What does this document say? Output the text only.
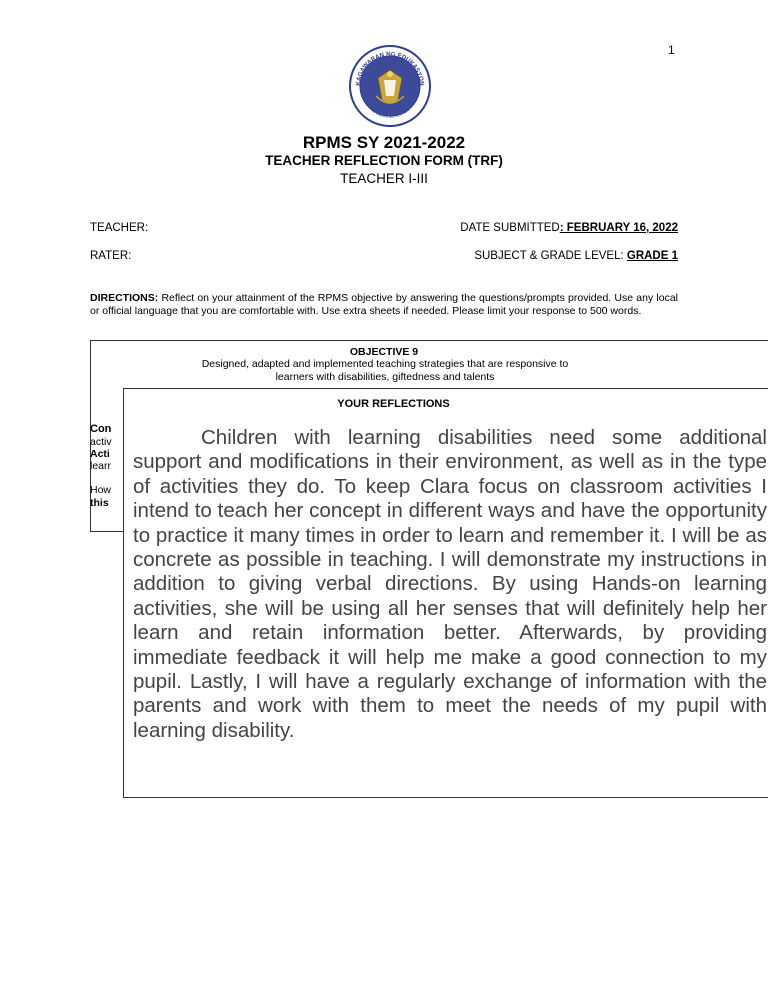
1
KAGAWARAN NG EDUKASYON
REPUBLIKA NG PILIPINAS
RPMS SY 2021-2022
TEACHER REFLECTION FORM (TRF)
TEACHER I-III
TEACHER:	DATE SUBMITTED: FEBRUARY 16, 2022
RATER:	SUBJECT & GRADE LEVEL: GRADE 1
DIRECTIONS: Reflect on your attainment of the RPMS objective by answering the questions/prompts provided. Use any local or official language that you are comfortable with. Use extra sheets if needed. Please limit your response to 500 words.
OBJECTIVE 9
Designed, adapted and implemented teaching strategies that are responsive to learners with disabilities, giftedness and talents
Con
activ
Acti
learr
How
this
YOUR REFLECTIONS
Children with learning disabilities need some additional support and modifications in their environment, as well as in the type of activities they do. To keep Clara focus on classroom activities I intend to teach her concept in different ways and have the opportunity to practice it many times in order to learn and remember it. I will be as concrete as possible in teaching. I will demonstrate my instructions in addition to giving verbal directions. By using Hands-on learning activities, she will be using all her senses that will definitely help her learn and retain information better. Afterwards, by providing immediate feedback it will help me make a good connection to my pupil. Lastly, I will have a regularly exchange of information with the parents and work with them to meet the needs of my pupil with learning disability.
